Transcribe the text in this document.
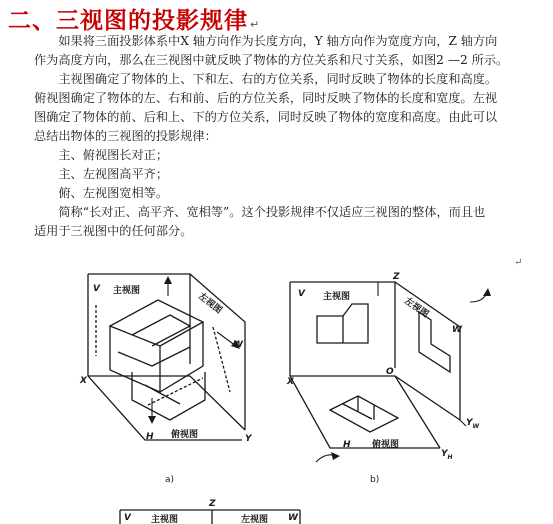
二、三视图的投影规律 ↵

　　如果将三面投影体系中X 轴方向作为长度方向，Y 轴方向作为宽度方向，Z 轴方向

作为高度方向，那么在三视图中就反映了物体的方位关系和尺寸关系，如图2 —2 所示。

　　主视图确定了物体的上、下和左、右的方位关系，同时反映了物体的长度和高度。

俯视图确定了物体的左、右和前、后的方位关系，同时反映了物体的长度和宽度。左视

图确定了物体的前、后和上、下的方位关系，同时反映了物体的宽度和高度。由此可以

总结出物体的三视图的投影规律：

　　主、俯视图长对正；

　　主、左视图高平齐；

　　俯、左视图宽相等。

　　简称“长对正、高平齐、宽相等”。这个投影规律不仅适应三视图的整体，而且也

适用于三视图中的任何部分。

↵
V 主视图
左视图
W
X
H 俯视图	Y
a)
Z
V 主视图	左视图
W
X
O
H 俯视图
$Y_W$
$Y_H$
b)
Z
V 主视图	左视图 W
